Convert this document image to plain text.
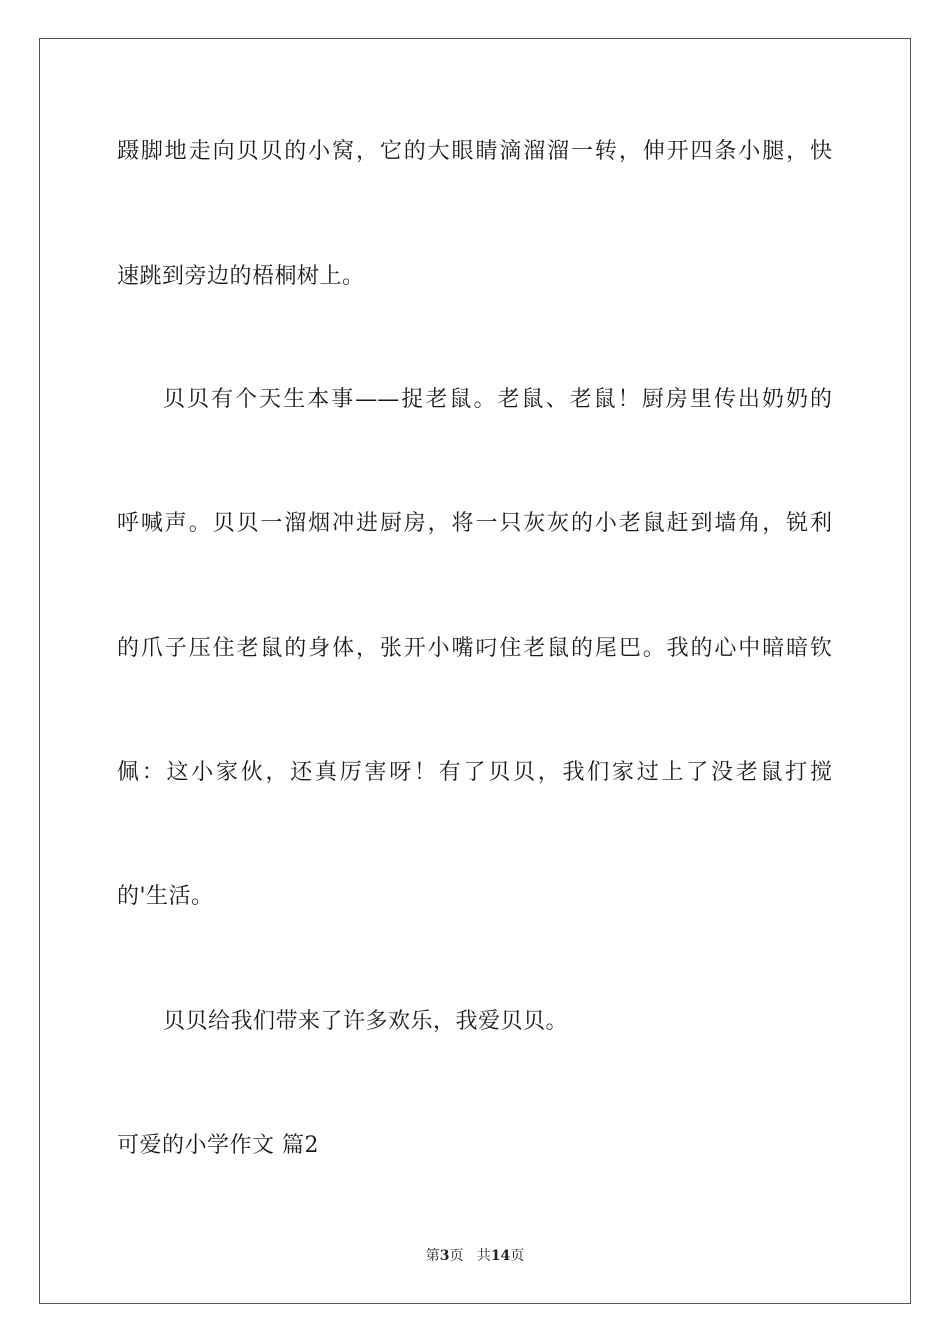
蹑脚地走向贝贝的小窝，它的大眼睛滴溜溜一转，伸开四条小腿，快
速跳到旁边的梧桐树上。
贝贝有个天生本事——捉老鼠。老鼠、老鼠！厨房里传出奶奶的
呼喊声。贝贝一溜烟冲进厨房，将一只灰灰的小老鼠赶到墙角，锐利
的爪子压住老鼠的身体，张开小嘴叼住老鼠的尾巴。我的心中暗暗钦
佩：这小家伙，还真厉害呀！有了贝贝，我们家过上了没老鼠打搅
的'生活。
贝贝给我们带来了许多欢乐，我爱贝贝。
可爱的小学作文 篇2
第3页 共14页
